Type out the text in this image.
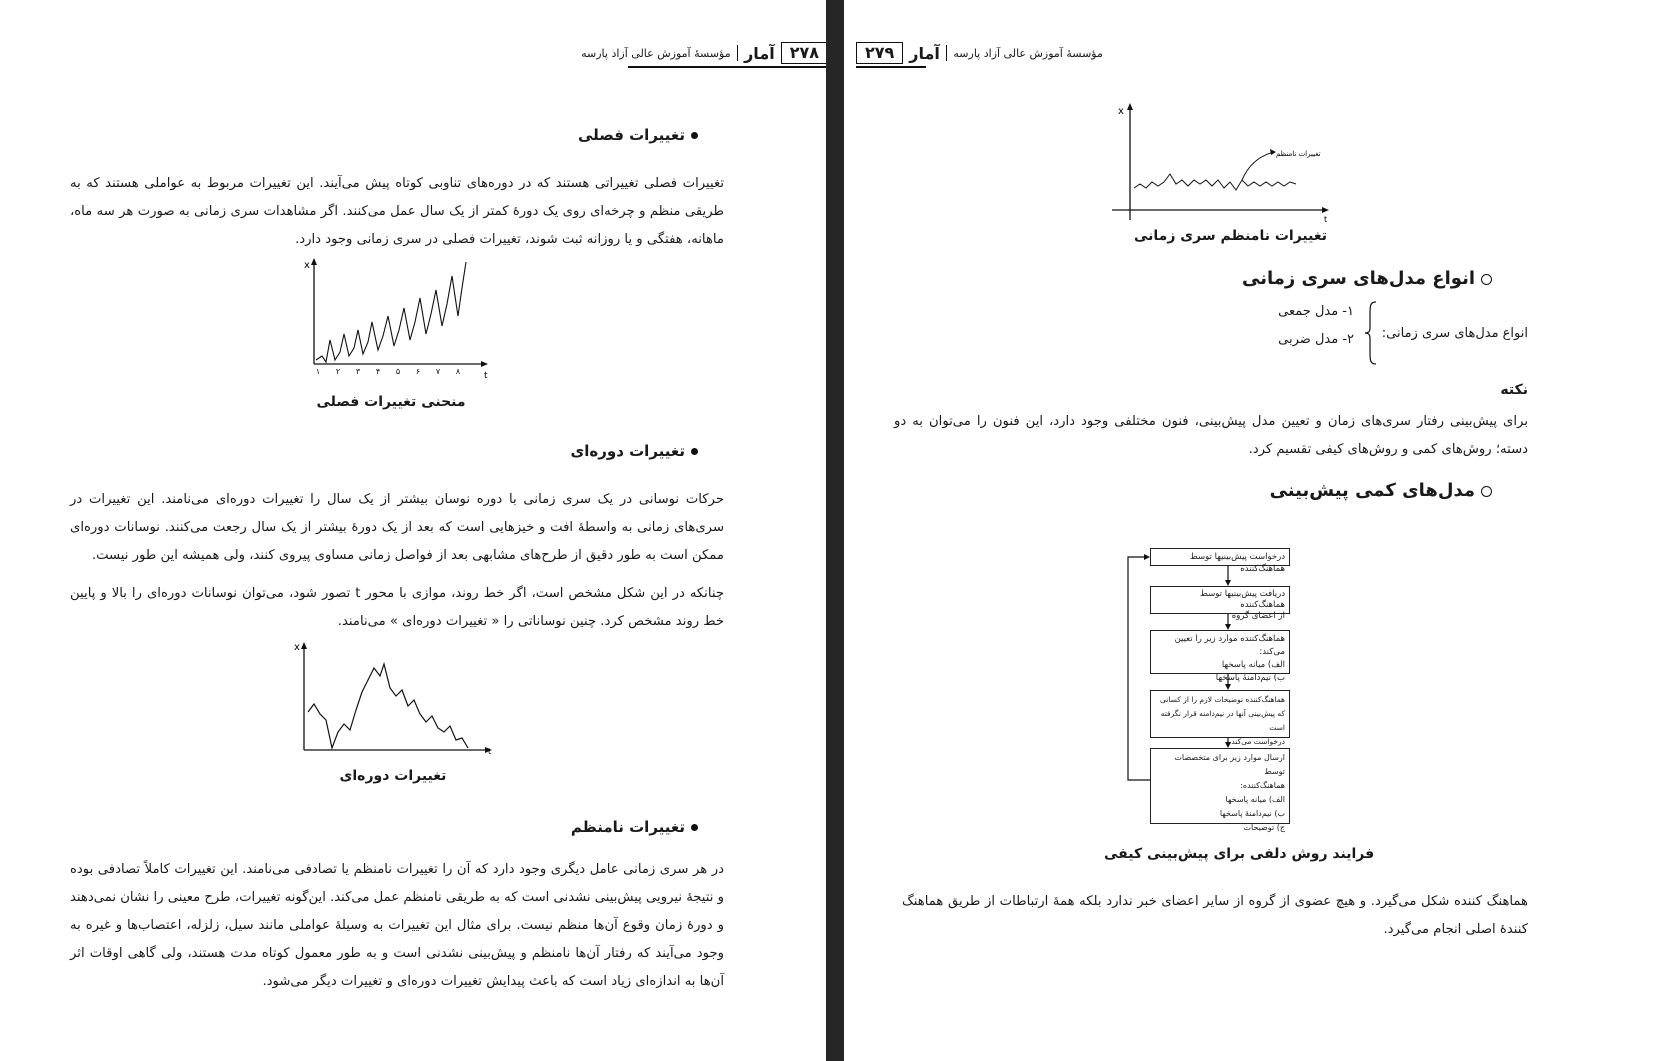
۲۷۸
آمار
مؤسسهٔ آموزش عالی آزاد پارسه
تغییرات فصلی

تغییرات فصلی تغییراتی هستند که در دوره‌های تناوبی کوتاه پیش می‌آیند. این تغییرات مربوط به عواملی هستند که به طریقی منظم و چرخه‌ای روی یک دورهٔ کمتر از یک سال عمل می‌کنند. اگر مشاهدات سری زمانی به صورت هر سه ماه، ماهانه، هفتگی و یا روزانه ثبت شوند، تغییرات فصلی در سری زمانی وجود دارد.

x
t
۱ ۲ ۳ ۴ ۵ ۶ ۷ ۸
منحنی تغییرات فصلی
تغییرات دوره‌ای

حرکات نوسانی در یک سری زمانی با دوره نوسان بیشتر از یک سال را تغییرات دوره‌ای می‌نامند. این تغییرات در سری‌های زمانی به واسطهٔ افت و خیزهایی است که بعد از یک دورهٔ بیشتر از یک سال رجعت می‌کنند. نوسانات دوره‌ای ممکن است به طور دقیق از طرح‌های مشابهی بعد از فواصل زمانی مساوی پیروی کنند، ولی همیشه این طور نیست.

چنانکه در این شکل مشخص است، اگر خط روند، موازی با محور t تصور شود، می‌توان نوسانات دوره‌ای را بالا و پایین خط روند مشخص کرد. چنین نوساناتی را « تغییرات دوره‌ای » می‌نامند.

x
t
تغییرات دوره‌ای
تغییرات نامنظم

در هر سری زمانی عامل دیگری وجود دارد که آن را تغییرات نامنظم یا تصادفی می‌نامند. این تغییرات کاملاً تصادفی بوده و نتیجهٔ نیرویی پیش‌بینی نشدنی است که به طریقی نامنظم عمل می‌کند. این‌گونه تغییرات، طرح معینی را نشان نمی‌دهند و دورهٔ زمان وقوع آن‌ها منظم نیست. برای مثال این تغییرات به وسیلهٔ عواملی مانند سیل، زلزله، اعتصاب‌ها و غیره به وجود می‌آیند که رفتار آن‌ها نامنظم و پیش‌بینی نشدنی است و به طور معمول کوتاه مدت هستند، ولی گاهی اوقات اثر آن‌ها به اندازه‌ای زیاد است که باعث پیدایش تغییرات دوره‌ای و تغییرات دیگر می‌شود.

مؤسسهٔ آموزش عالی آزاد پارسه
آمار
۲۷۹
x
t
تغییرات نامنظم
تغییرات نامنظم سری زمانی
انواع مدل‌های سری زمانی
انواع مدل‌های سری زمانی:
۱- مدل جمعی
۲- مدل ضربی
نکته

برای پیش‌بینی رفتار سری‌های زمان و تعیین مدل پیش‌بینی، فنون مختلفی وجود دارد، این فنون را می‌توان به دو دسته؛ روش‌های کمی و روش‌های کیفی تقسیم کرد.

مدل‌های کمی پیش‌بینی
درخواست پیش‌بینیها توسط هماهنگ‌کننده
دریافت پیش‌بینیها توسط هماهنگ‌کننده
از اعضای گروه
هماهنگ‌کننده موارد زیر را تعیین می‌کند:
الف) میانه پاسخها
ب) نیم‌دامنهٔ پاسخها
هماهنگ‌کننده توضیحات لازم را از کسانی
که پیش‌بینی آنها در نیم‌دامنه قرار نگرفته است
درخواست می‌کند.
ارسال موارد زیر برای متخصصات توسط
هماهنگ‌کننده:
الف) میانه پاسخها
ب) نیم‌دامنهٔ پاسخها
ج) توضیحات
فرایند روش دلفی برای پیش‌بینی کیفی

هماهنگ کننده شکل می‌گیرد. و هیچ عضوی از گروه از سایر اعضای خبر ندارد بلکه همهٔ ارتباطات از طریق هماهنگ کنندهٔ اصلی انجام می‌گیرد.
